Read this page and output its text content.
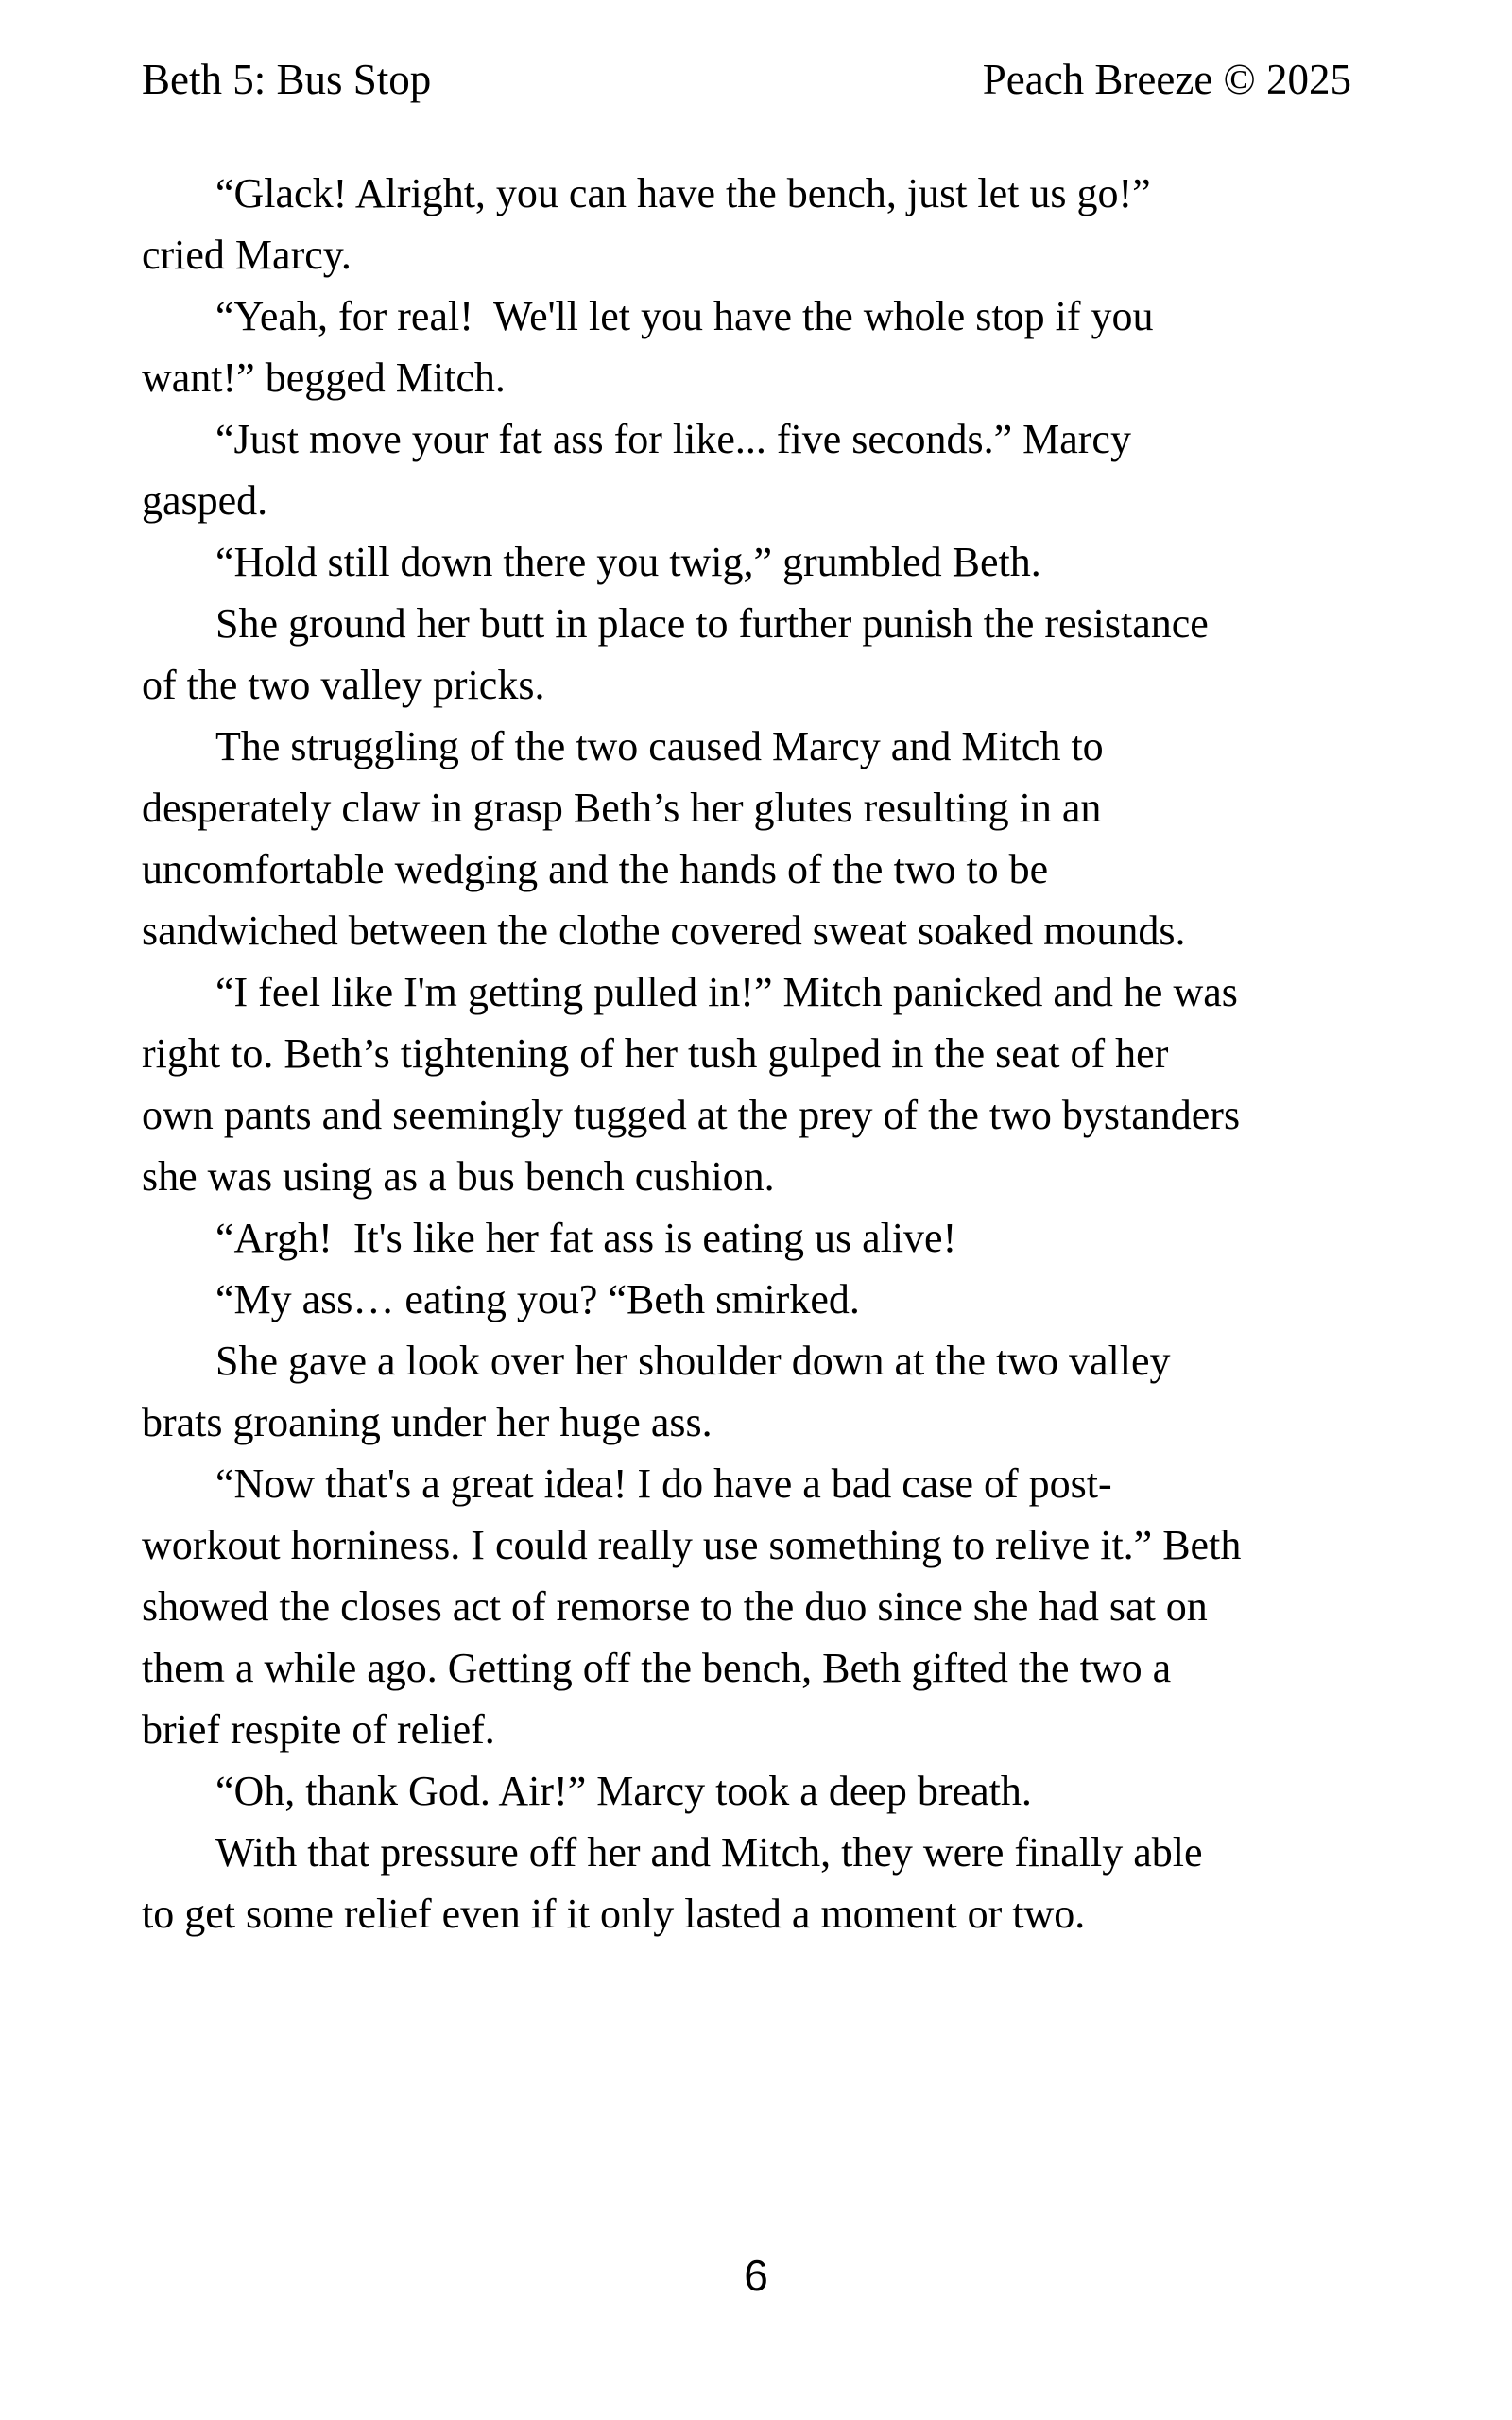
Beth 5: Bus Stop	Peach Breeze © 2025

“Glack! Alright, you can have the bench, just let us go!” cried Marcy.

“Yeah, for real!  We'll let you have the whole stop if you want!” begged Mitch.

“Just move your fat ass for like... five seconds.” Marcy gasped.

“Hold still down there you twig,” grumbled Beth.

She ground her butt in place to further punish the resistance of the two valley pricks.

The struggling of the two caused Marcy and Mitch to desperately claw in grasp Beth’s her glutes resulting in an uncomfortable wedging and the hands of the two to be sandwiched between the clothe covered sweat soaked mounds.

“I feel like I'm getting pulled in!” Mitch panicked and he was right to. Beth’s tightening of her tush gulped in the seat of her own pants and seemingly tugged at the prey of the two bystanders she was using as a bus bench cushion.

“Argh!  It's like her fat ass is eating us alive!

“My ass… eating you? “Beth smirked.

She gave a look over her shoulder down at the two valley brats groaning under her huge ass.

“Now that's a great idea! I do have a bad case of post-workout horniness. I could really use something to relive it.” Beth showed the closes act of remorse to the duo since she had sat on them a while ago. Getting off the bench, Beth gifted the two a brief respite of relief.

“Oh, thank God. Air!” Marcy took a deep breath.

With that pressure off her and Mitch, they were finally able to get some relief even if it only lasted a moment or two.

6
